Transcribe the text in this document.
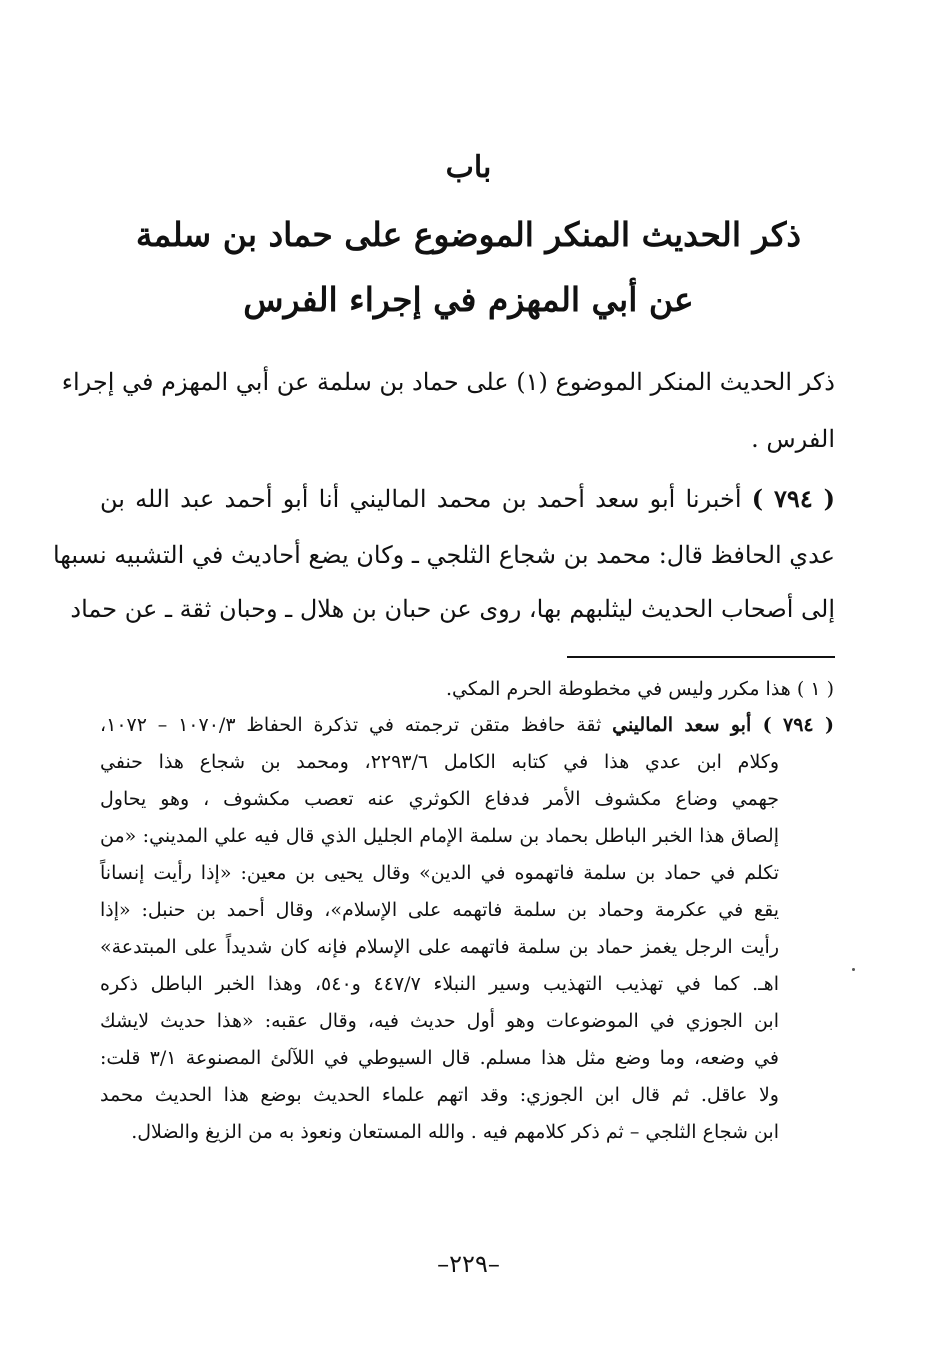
باب
ذكر الحديث المنكر الموضوع على حماد بن سلمة
عن أبي المهزم في إجراء الفرس
ذكر الحديث المنكر الموضوع (١) على حماد بن سلمة عن أبي المهزم في إجراء
الفرس .
( ٧٩٤ ) أخبرنا أبو سعد أحمد بن محمد الماليني أنا أبو أحمد عبد الله بن
عدي الحافظ قال: محمد بن شجاع الثلجي ـ وكان يضع أحاديث في التشبيه نسبها
إلى أصحاب الحديث ليثلبهم بها، روى عن حبان بن هلال ـ وحبان ثقة ـ عن حماد
( ١ ) هذا مكرر وليس في مخطوطة الحرم المكي.
( ٧٩٤ ) أبو سعد الماليني ثقة حافظ متقن ترجمته في تذكرة الحفاظ ١٠٧٠/٣ – ١٠٧٢،
وكلام ابن عدي هذا في كتابه الكامل ٢٢٩٣/٦، ومحمد بن شجاع هذا حنفي
جهمي وضاع مكشوف الأمر فدفاع الكوثري عنه تعصب مكشوف ، وهو يحاول
إلصاق هذا الخبر الباطل بحماد بن سلمة الإمام الجليل الذي قال فيه علي المديني: «من
تكلم في حماد بن سلمة فاتهموه في الدين» وقال يحيى بن معين: «إذا رأيت إنساناً
يقع في عكرمة وحماد بن سلمة فاتهمه على الإسلام»، وقال أحمد بن حنبل: «إذا
رأيت الرجل يغمز حماد بن سلمة فاتهمه على الإسلام فإنه كان شديداً على المبتدعة»
اهـ. كما في تهذيب التهذيب وسير النبلاء ٤٤٧/٧ و٥٤٠، وهذا الخبر الباطل ذكره
ابن الجوزي في الموضوعات وهو أول حديث فيه، وقال عقبه: «هذا حديث لايشك
في وضعه، وما وضع مثل هذا مسلم. قال السيوطي في اللآلئ المصنوعة ٣/١ قلت:
ولا عاقل. ثم قال ابن الجوزي: وقد اتهم علماء الحديث بوضع هذا الحديث محمد
ابن شجاع الثلجي – ثم ذكر كلامهم فيه . والله المستعان ونعوذ به من الزيغ والضلال.
–٢٢٩–
